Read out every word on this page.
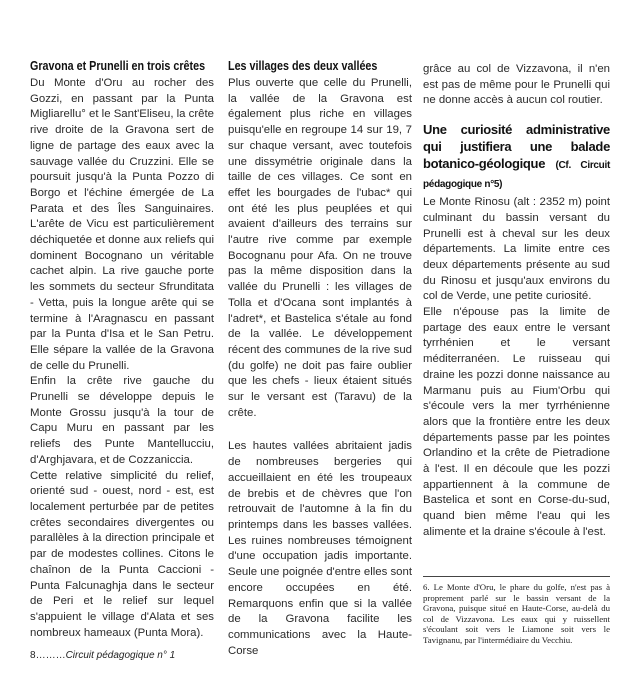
Gravona et Prunelli en trois crêtes

Du Monte d'Oru au rocher des Gozzi, en passant par la Punta Migliarellu° et le Sant'Eliseu, la crête rive droite de la Gravona sert de ligne de partage des eaux avec la sauvage vallée du Cruzzini. Elle se poursuit jusqu'à la Punta Pozzo di Borgo et l'échine émergée de La Parata et des Îles Sanguinaires. L'arête de Vicu est particulièrement déchiquetée et donne aux reliefs qui dominent Bocognano un véritable cachet alpin. La rive gauche porte les sommets du secteur Sfrunditata - Vetta, puis la longue arête qui se termine à l'Aragnascu en passant par la Punta d'Isa et le San Petru. Elle sépare la vallée de la Gravona de celle du Prunelli.

Enfin la crête rive gauche du Prunelli se développe depuis le Monte Grossu jusqu'à la tour de Capu Muru en passant par les reliefs des Punte Mantellucciu, d'Arghjavara, et de Cozzaniccia.

Cette relative simplicité du relief, orienté sud - ouest, nord - est, est localement perturbée par de petites crêtes secondaires divergentes ou parallèles à la direction principale et par de modestes collines. Citons le chaînon de la Punta Caccioni - Punta Falcunaghja dans le secteur de Peri et le relief sur lequel s'appuient le village d'Alata et ses nombreux hameaux (Punta Mora).

Les villages des deux vallées

Plus ouverte que celle du Prunelli, la vallée de la Gravona est également plus riche en villages puisqu'elle en regroupe 14 sur 19, 7 sur chaque versant, avec toutefois une dissymétrie originale dans la taille de ces villages. Ce sont en effet les bourgades de l'ubac* qui ont été les plus peuplées et qui avaient d'ailleurs des terrains sur l'autre rive comme par exemple Bocognanu pour Afa. On ne trouve pas la même disposition dans la vallée du Prunelli : les villages de Tolla et d'Ocana sont implantés à l'adret*, et Bastelica s'étale au fond de la vallée. Le développement récent des communes de la rive sud (du golfe) ne doit pas faire oublier que les chefs - lieux étaient situés sur le versant est (Taravu) de la crête.

Les hautes vallées abritaient jadis de nombreuses bergeries qui accueillaient en été les troupeaux de brebis et de chèvres que l'on retrouvait de l'automne à la fin du printemps dans les basses vallées. Les ruines nombreuses témoignent d'une occupation jadis importante. Seule une poignée d'entre elles sont encore occupées en été. Remarquons enfin que si la vallée de la Gravona facilite les communications avec la Haute-Corse

grâce au col de Vizzavona, il n'en est pas de même pour le Prunelli qui ne donne accès à aucun col routier.

Une curiosité administrative qui justifiera une balade botanico-géologique (Cf. Circuit pédagogique n°5)

Le Monte Rinosu (alt : 2352 m) point culminant du bassin versant du Prunelli est à cheval sur les deux départements. La limite entre ces deux départements présente au sud du Rinosu et jusqu'aux environs du col de Verde, une petite curiosité.

Elle n'épouse pas la limite de partage des eaux entre le versant tyrrhénien et le versant méditerranéen. Le ruisseau qui draine les pozzi donne naissance au Marmanu puis au Fium'Orbu qui s'écoule vers la mer tyrrhénienne alors que la frontière entre les deux départements passe par les pointes Orlandino et la crête de Pietradione à l'est. Il en découle que les pozzi appartiennent à la commune de Bastelica et sont en Corse-du-sud, quand bien même l'eau qui les alimente et la draine s'écoule à l'est.

6. Le Monte d'Oru, le phare du golfe, n'est pas à proprement parlé sur le bassin versant de la Gravona, puisque situé en Haute-Corse, au-delà du col de Vizzavona. Les eaux qui y ruissellent s'écoulant soit vers le Liamone soit vers le Tavignanu, par l'intermédiaire du Vecchiu.
8………Circuit pédagogique n° 1
